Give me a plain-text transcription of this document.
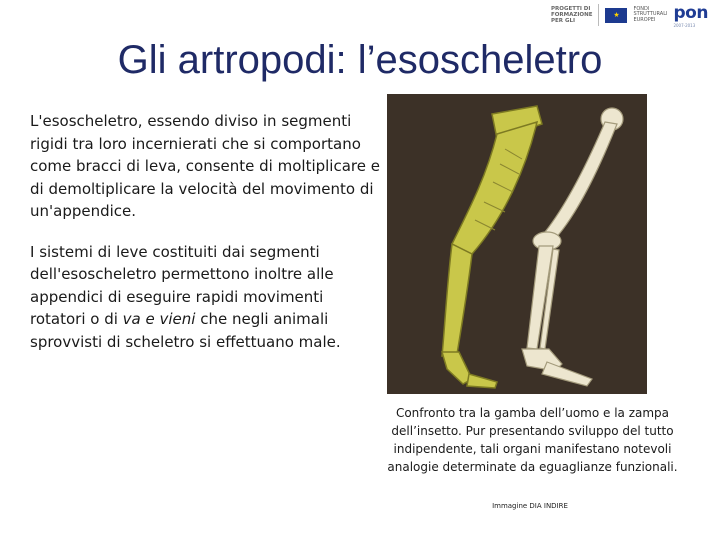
PROGETTI DI
FORMAZIONE
PER GLI
★
FONDI
STRUTTURALI
EUROPEI	pon
2007-2013
Gli artropodi: l’esoscheletro

L'esoscheletro, essendo diviso in segmenti rigidi tra loro incernierati che si comportano come bracci di leva, consente di moltiplicare e di demoltiplicare la velocità del movimento di un'appendice.

I sistemi di leve costituiti dai segmenti dell'esoscheletro permettono inoltre alle appendici di eseguire rapidi movimenti rotatori o di va e vieni che negli animali sprovvisti di scheletro si effettuano male.

Confronto tra la gamba dell’uomo e la zampa dell’insetto. Pur presentando sviluppo del tutto indipendente, tali organi manifestano notevoli analogie determinate da eguaglianze funzionali.
Immagine DIA INDIRE
